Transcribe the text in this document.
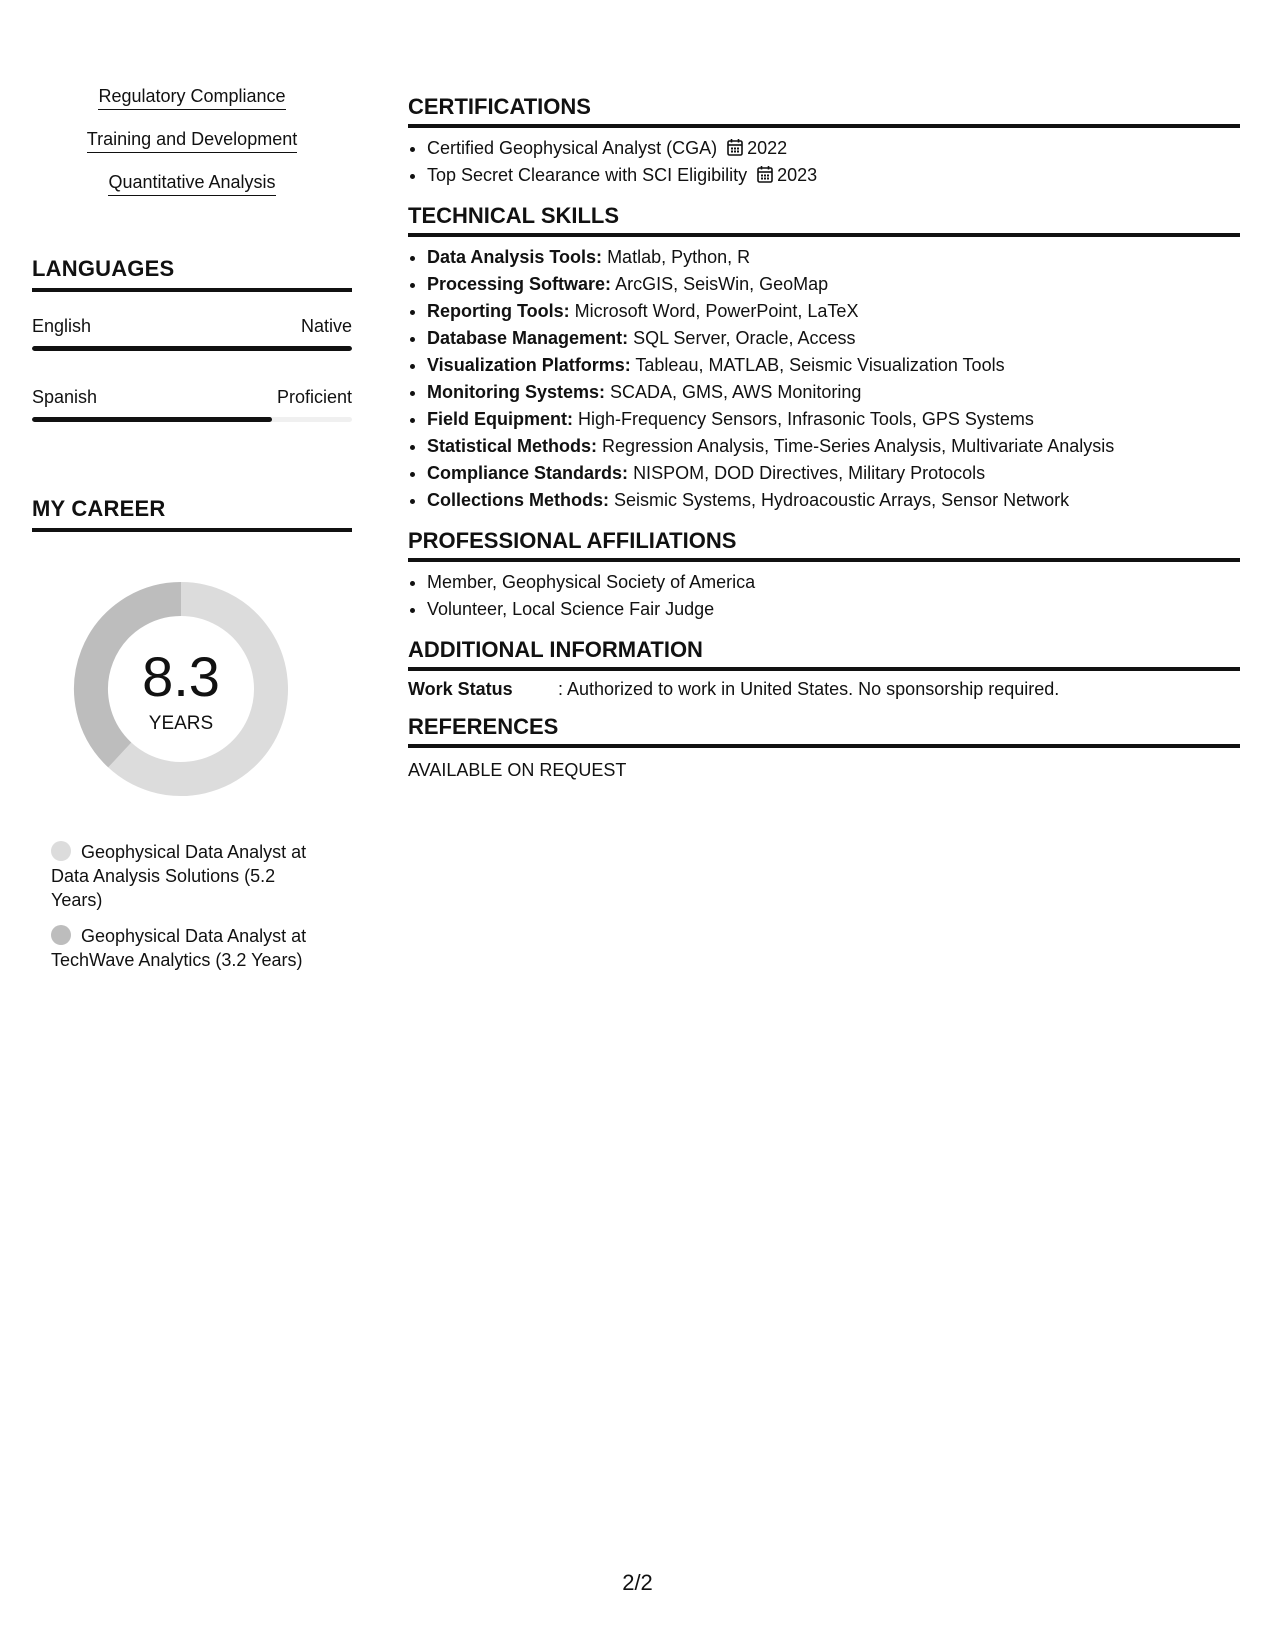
Regulatory Compliance
Training and Development
Quantitative Analysis
LANGUAGES
English	Native
Spanish	Proficient
MY CAREER
8.3
YEARS
Geophysical Data Analyst at Data Analysis Solutions (5.2 Years)
Geophysical Data Analyst at TechWave Analytics (3.2 Years)
CERTIFICATIONS
• Certified Geophysical Analyst (CGA) 2022
• Top Secret Clearance with SCI Eligibility 2023
TECHNICAL SKILLS
• Data Analysis Tools: Matlab, Python, R
• Processing Software: ArcGIS, SeisWin, GeoMap
• Reporting Tools: Microsoft Word, PowerPoint, LaTeX
• Database Management: SQL Server, Oracle, Access
• Visualization Platforms: Tableau, MATLAB, Seismic Visualization Tools
• Monitoring Systems: SCADA, GMS, AWS Monitoring
• Field Equipment: High-Frequency Sensors, Infrasonic Tools, GPS Systems
• Statistical Methods: Regression Analysis, Time-Series Analysis, Multivariate Analysis
• Compliance Standards: NISPOM, DOD Directives, Military Protocols
• Collections Methods: Seismic Systems, Hydroacoustic Arrays, Sensor Network
PROFESSIONAL AFFILIATIONS
• Member, Geophysical Society of America
• Volunteer, Local Science Fair Judge
ADDITIONAL INFORMATION
Work Status	: Authorized to work in United States. No sponsorship required.
REFERENCES
AVAILABLE ON REQUEST
2/2
